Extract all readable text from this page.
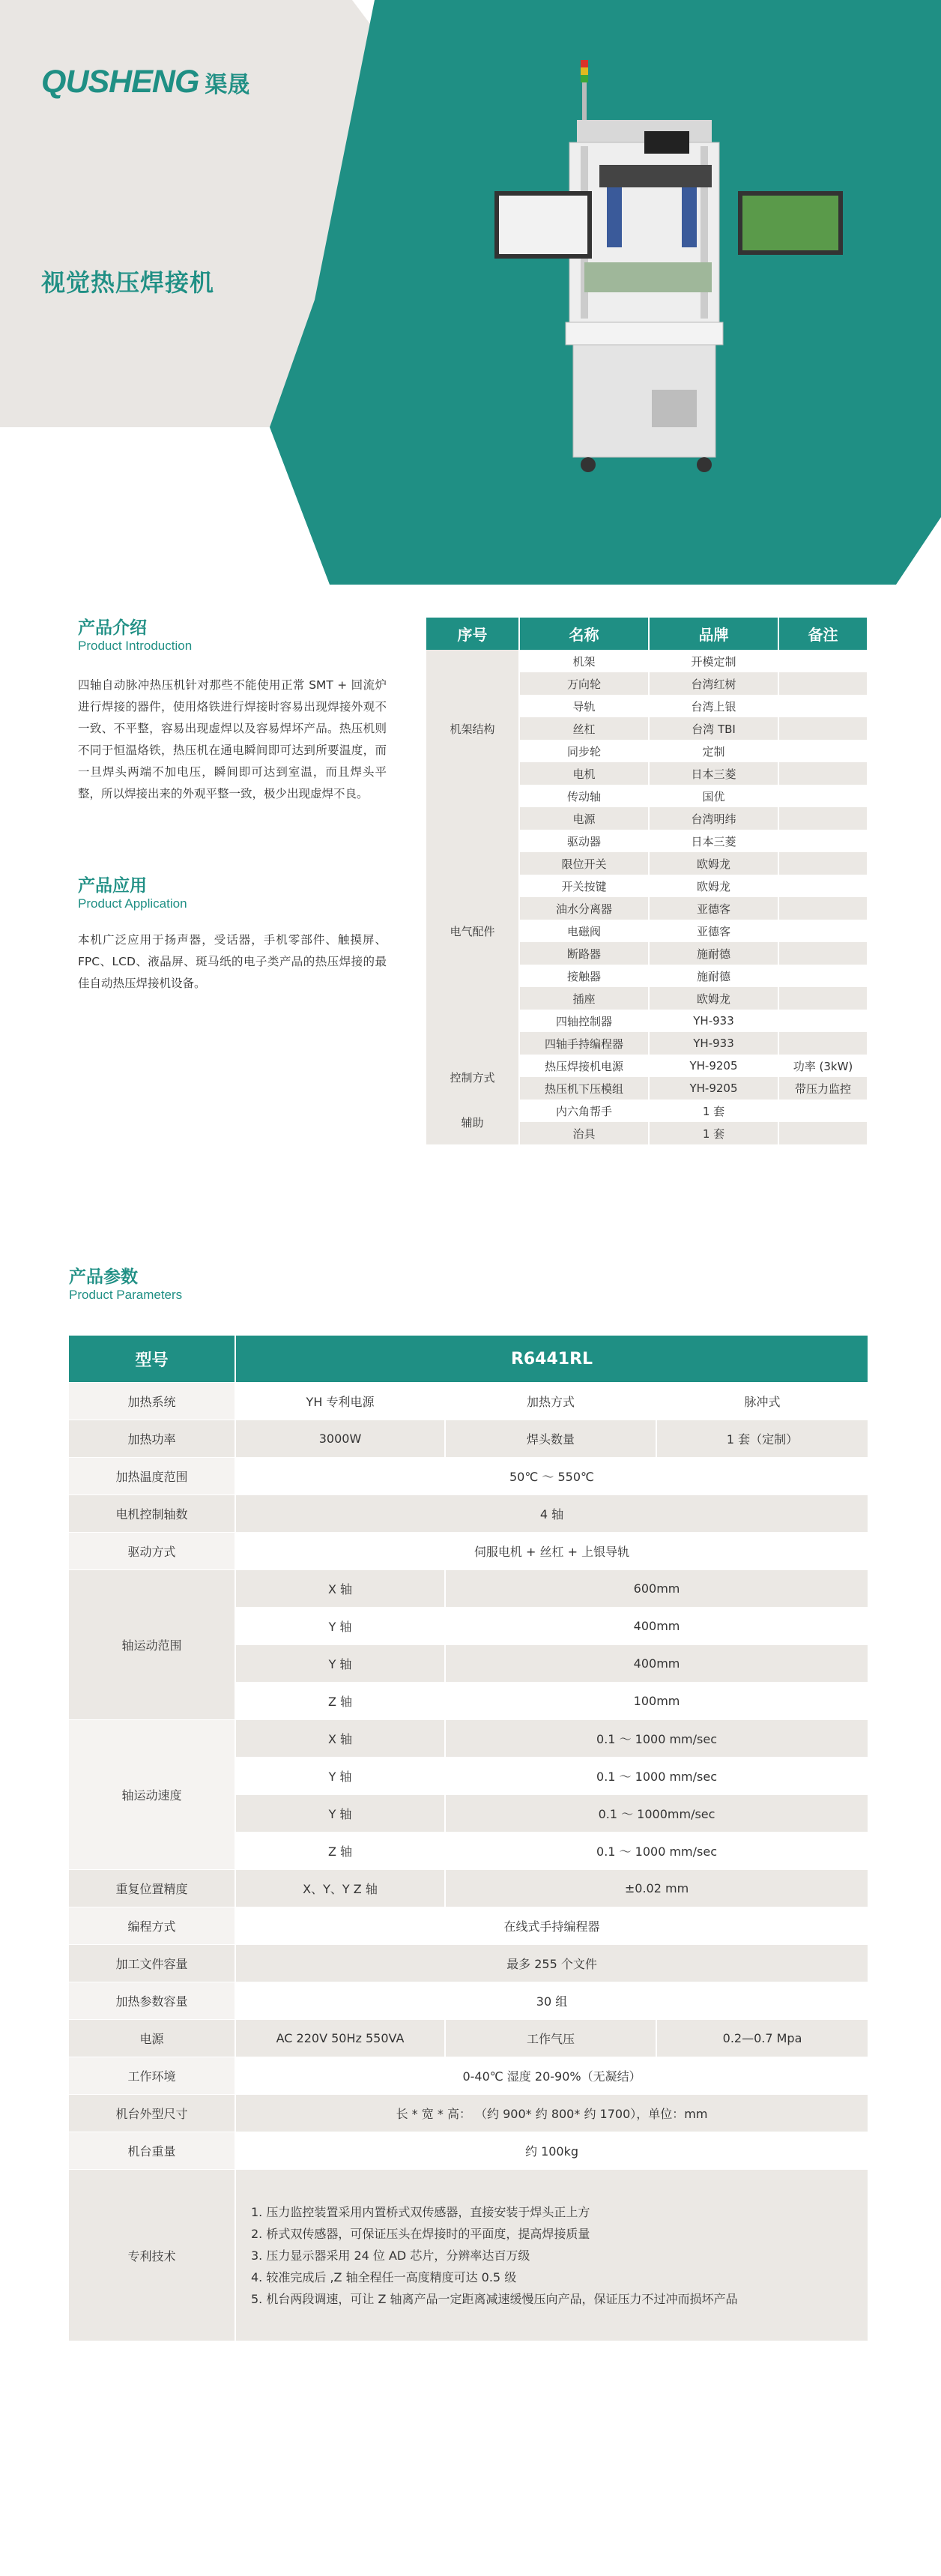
QUSHENG 渠晟
视觉热压焊接机
产品介绍
Product Introduction
四轴自动脉冲热压机针对那些不能使用正常 SMT + 回流炉进行焊接的器件，使用烙铁进行焊接时容易出现焊接外观不一致、不平整，容易出现虚焊以及容易焊坏产品。热压机则不同于恒温烙铁，热压机在通电瞬间即可达到所要温度，而一旦焊头两端不加电压，瞬间即可达到室温，而且焊头平整，所以焊接出来的外观平整一致，极少出现虚焊不良。
产品应用
Product Application
本机广泛应用于扬声器，受话器，手机零部件、触摸屏、FPC、LCD、液晶屏、斑马纸的电子类产品的热压焊接的最佳自动热压焊接机设备。
序号	名称	品牌	备注
机架结构	机架	开模定制	
	万向轮	台湾红树	
	导轨	台湾上银	
	丝杠	台湾 TBI	
	同步轮	定制	
	电机	日本三菱	
	传动轴	国优	
电气配件	电源	台湾明纬	
	驱动器	日本三菱	
	限位开关	欧姆龙	
	开关按键	欧姆龙	
	油水分离器	亚德客	
	电磁阀	亚德客	
	断路器	施耐德	
	接触器	施耐德	
	插座	欧姆龙	
	四轴控制器	YH-933	
	四轴手持编程器	YH-933	
控制方式	热压焊接机电源	YH-9205	功率 (3kW)
	热压机下压模组	YH-9205	带压力监控
辅助	内六角帮手	1 套	
	治具	1 套	
产品参数
Product Parameters
型号	R6441RL		
加热系统	YH 专利电源	加热方式	脉冲式
加热功率	3000W	焊头数量	1 套（定制）
加热温度范围	50℃ ～ 550℃		
电机控制轴数	4 轴		
驱动方式	伺服电机 + 丝杠 + 上银导轨		
轴运动范围	X 轴	600mm	
	Y 轴	400mm	
	Y 轴	400mm	
	Z 轴	100mm	
轴运动速度	X 轴	0.1 ～ 1000 mm/sec	
	Y 轴	0.1 ～ 1000 mm/sec	
	Y 轴	0.1 ～ 1000mm/sec	
	Z 轴	0.1 ～ 1000 mm/sec	
重复位置精度	X、Y、Y Z 轴	±0.02 mm	
编程方式	在线式手持编程器		
加工文件容量	最多 255 个文件		
加热参数容量	30 组		
电源	AC 220V 50Hz 550VA	工作气压	0.2—0.7 Mpa
工作环境	0-40℃ 湿度 20-90%（无凝结）		
机台外型尺寸	长 * 宽 * 高： （约 900* 约 800* 约 1700），单位：mm		
机台重量	约 100kg		
专利技术	1. 压力监控装置采用内置桥式双传感器，直接安装于焊头正上方
2. 桥式双传感器，可保证压头在焊接时的平面度，提高焊接质量
3. 压力显示器采用 24 位 AD 芯片，分辨率达百万级
4. 较准完成后 ,Z 轴全程任一高度精度可达 0.5 级
5. 机台两段调速，可让 Z 轴离产品一定距离减速缓慢压向产品，保证压力不过冲而损坏产品		
